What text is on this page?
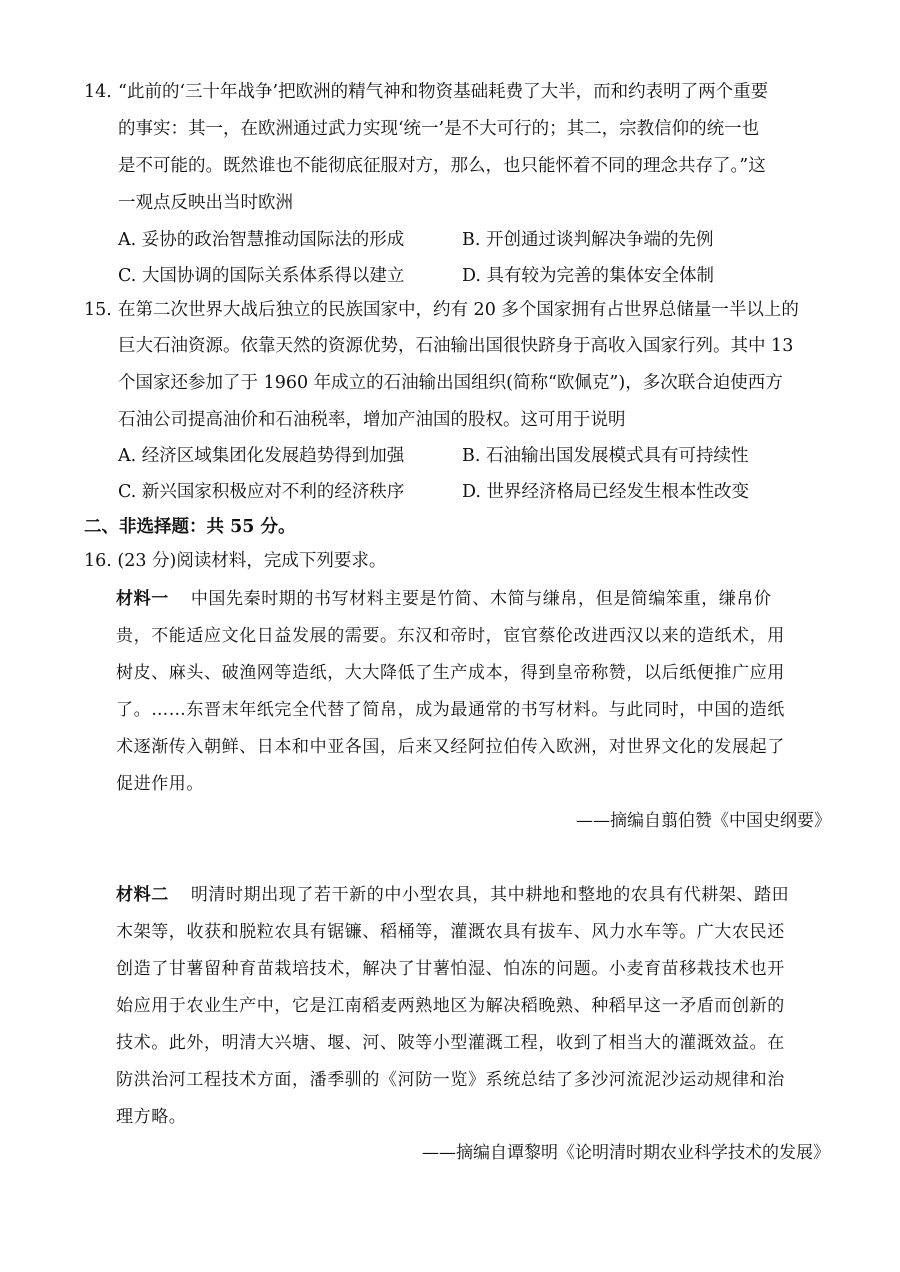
14. “此前的‘三十年战争’把欧洲的精气神和物资基础耗费了大半，而和约表明了两个重要
的事实：其一，在欧洲通过武力实现‘统一’是不大可行的；其二，宗教信仰的统一也
是不可能的。既然谁也不能彻底征服对方，那么，也只能怀着不同的理念共存了。”这
一观点反映出当时欧洲
A. 妥协的政治智慧推动国际法的形成	B. 开创通过谈判解决争端的先例
C. 大国协调的国际关系体系得以建立	D. 具有较为完善的集体安全体制
15. 在第二次世界大战后独立的民族国家中，约有 20 多个国家拥有占世界总储量一半以上的
巨大石油资源。依靠天然的资源优势，石油输出国很快跻身于高收入国家行列。其中 13
个国家还参加了于 1960 年成立的石油输出国组织(简称“欧佩克”)，多次联合迫使西方
石油公司提高油价和石油税率，增加产油国的股权。这可用于说明
A. 经济区域集团化发展趋势得到加强	B. 石油输出国发展模式具有可持续性
C. 新兴国家积极应对不利的经济秩序	D. 世界经济格局已经发生根本性改变
二、非选择题：共 55 分。
16. (23 分)阅读材料，完成下列要求。
材料一 中国先秦时期的书写材料主要是竹简、木简与缣帛，但是简编笨重，缣帛价
贵，不能适应文化日益发展的需要。东汉和帝时，宦官蔡伦改进西汉以来的造纸术，用
树皮、麻头、破渔网等造纸，大大降低了生产成本，得到皇帝称赞，以后纸便推广应用
了。……东晋末年纸完全代替了简帛，成为最通常的书写材料。与此同时，中国的造纸
术逐渐传入朝鲜、日本和中亚各国，后来又经阿拉伯传入欧洲，对世界文化的发展起了
促进作用。
——摘编自翦伯赞《中国史纲要》
材料二 明清时期出现了若干新的中小型农具，其中耕地和整地的农具有代耕架、踏田
木架等，收获和脱粒农具有锯镰、稻桶等，灌溉农具有拔车、风力水车等。广大农民还
创造了甘薯留种育苗栽培技术，解决了甘薯怕湿、怕冻的问题。小麦育苗移栽技术也开
始应用于农业生产中，它是江南稻麦两熟地区为解决稻晚熟、种稻早这一矛盾而创新的
技术。此外，明清大兴塘、堰、河、陂等小型灌溉工程，收到了相当大的灌溉效益。在
防洪治河工程技术方面，潘季驯的《河防一览》系统总结了多沙河流泥沙运动规律和治
理方略。
——摘编自谭黎明《论明清时期农业科学技术的发展》
